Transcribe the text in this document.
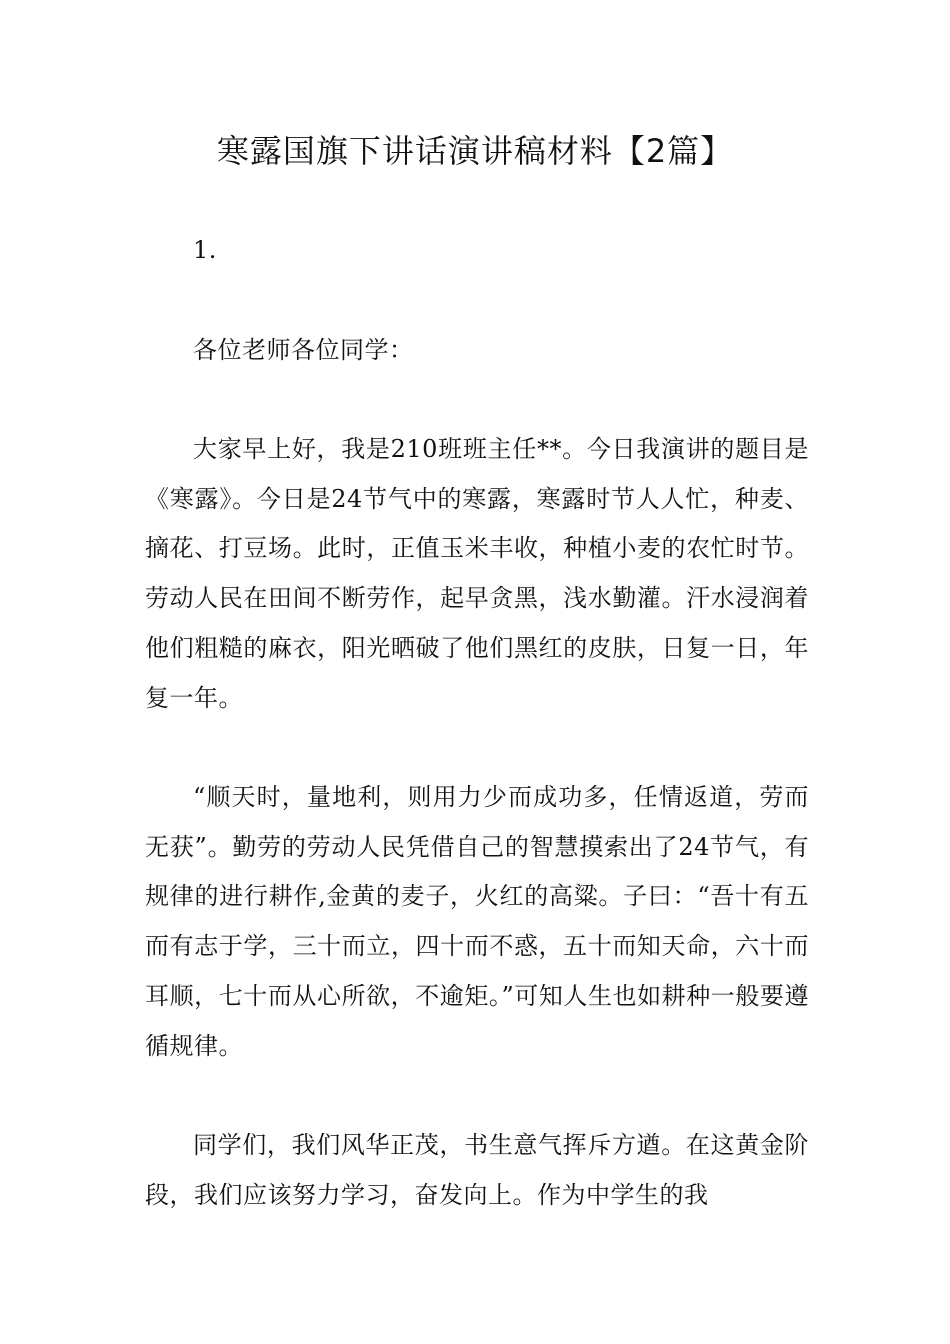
寒露国旗下讲话演讲稿材料【2篇】

1.

各位老师各位同学：

大家早上好，我是210班班主任**。今日我演讲的题目是《寒露》。今日是24节气中的寒露，寒露时节人人忙，种麦、摘花、打豆场。此时，正值玉米丰收，种植小麦的农忙时节。劳动人民在田间不断劳作，起早贪黑，浅水勤灌。汗水浸润着他们粗糙的麻衣，阳光晒破了他们黑红的皮肤，日复一日，年复一年。

“顺天时，量地利，则用力少而成功多，任情返道，劳而无获”。勤劳的劳动人民凭借自己的智慧摸索出了24节气，有规律的进行耕作,金黄的麦子，火红的高粱。子曰：“吾十有五而有志于学，三十而立，四十而不惑，五十而知天命，六十而耳顺，七十而从心所欲，不逾矩。”可知人生也如耕种一般要遵循规律。

同学们，我们风华正茂，书生意气挥斥方遒。在这黄金阶段，我们应该努力学习，奋发向上。作为中学生的我
